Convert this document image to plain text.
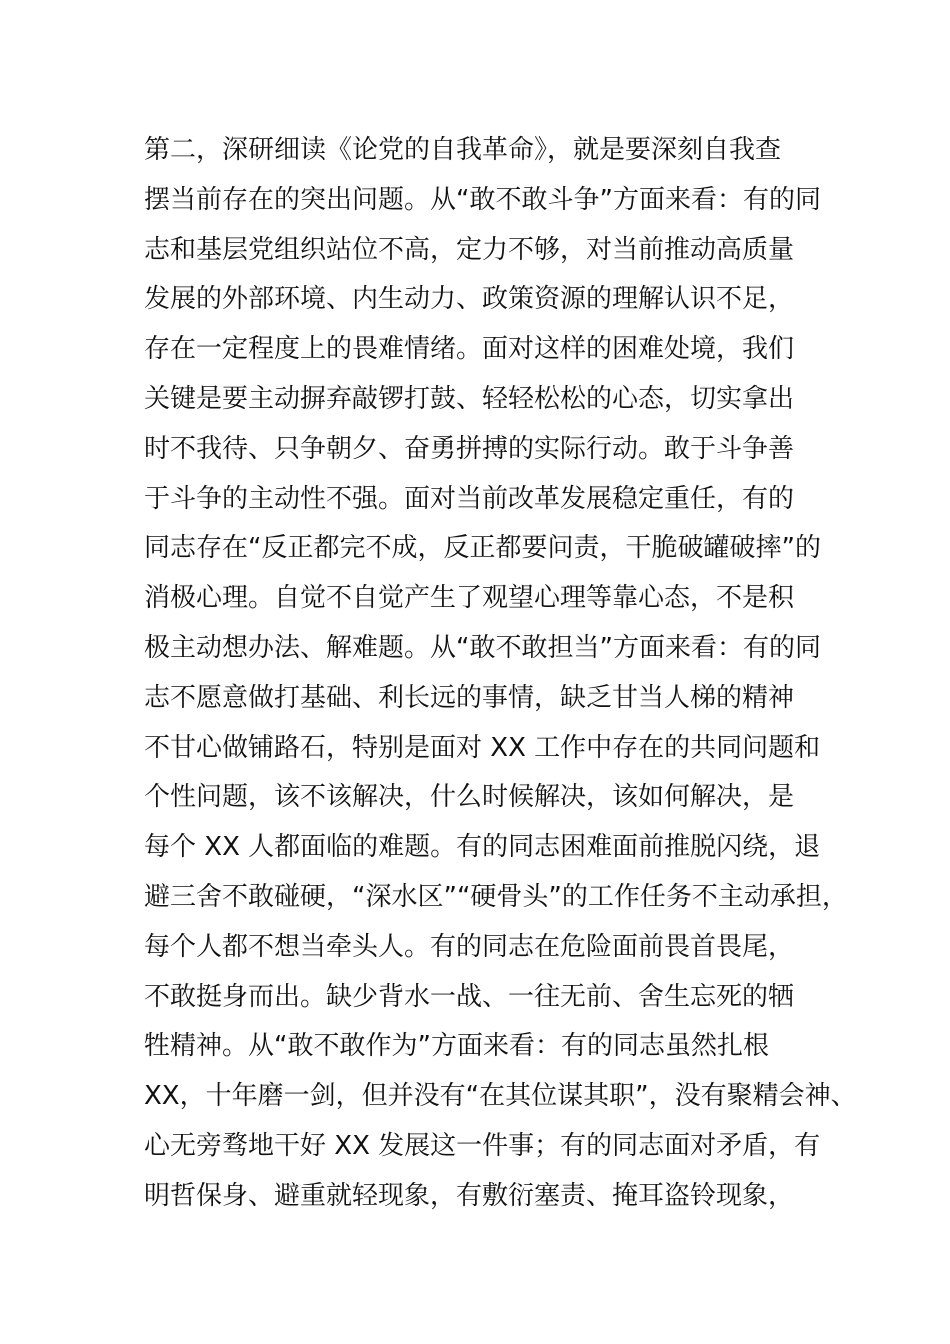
第二，深研细读《论党的自我革命》，就是要深刻自我查
摆当前存在的突出问题。从“敢不敢斗争”方面来看：有的同
志和基层党组织站位不高，定力不够，对当前推动高质量
发展的外部环境、内生动力、政策资源的理解认识不足，
存在一定程度上的畏难情绪。面对这样的困难处境，我们
关键是要主动摒弃敲锣打鼓、轻轻松松的心态，切实拿出
时不我待、只争朝夕、奋勇拼搏的实际行动。敢于斗争善
于斗争的主动性不强。面对当前改革发展稳定重任，有的
同志存在“反正都完不成，反正都要问责，干脆破罐破摔”的
消极心理。自觉不自觉产生了观望心理等靠心态，不是积
极主动想办法、解难题。从“敢不敢担当”方面来看：有的同
志不愿意做打基础、利长远的事情，缺乏甘当人梯的精神
不甘心做铺路石，特别是面对 XX 工作中存在的共同问题和
个性问题，该不该解决，什么时候解决，该如何解决，是
每个 XX 人都面临的难题。有的同志困难面前推脱闪绕，退
避三舍不敢碰硬，“深水区”“硬骨头”的工作任务不主动承担，
每个人都不想当牵头人。有的同志在危险面前畏首畏尾，
不敢挺身而出。缺少背水一战、一往无前、舍生忘死的牺
牲精神。从“敢不敢作为”方面来看：有的同志虽然扎根
XX，十年磨一剑，但并没有“在其位谋其职”，没有聚精会神、
心无旁骛地干好 XX 发展这一件事；有的同志面对矛盾，有
明哲保身、避重就轻现象，有敷衍塞责、掩耳盗铃现象，
